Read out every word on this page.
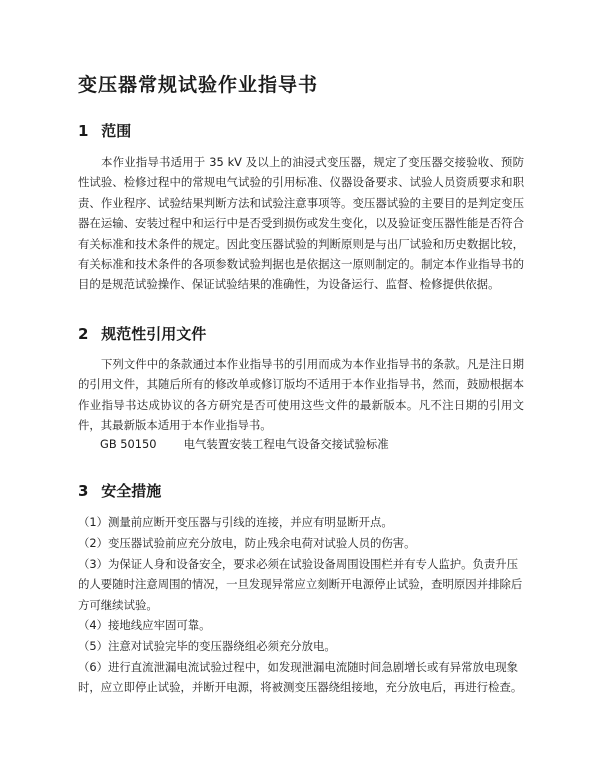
变压器常规试验作业指导书
1 范围
本作业指导书适用于 35 kV 及以上的油浸式变压器，规定了变压器交接验收、预防性试验、检修过程中的常规电气试验的引用标准、仪器设备要求、试验人员资质要求和职责、作业程序、试验结果判断方法和试验注意事项等。变压器试验的主要目的是判定变压器在运输、安装过程中和运行中是否受到损伤或发生变化，以及验证变压器性能是否符合有关标准和技术条件的规定。因此变压器试验的判断原则是与出厂试验和历史数据比较，有关标准和技术条件的各项参数试验判据也是依据这一原则制定的。制定本作业指导书的目的是规范试验操作、保证试验结果的准确性，为设备运行、监督、检修提供依据。
2 规范性引用文件
下列文件中的条款通过本作业指导书的引用而成为本作业指导书的条款。凡是注日期的引用文件，其随后所有的修改单或修订版均不适用于本作业指导书，然而，鼓励根据本作业指导书达成协议的各方研究是否可使用这些文件的最新版本。凡不注日期的引用文件，其最新版本适用于本作业指导书。
GB 50150 电气装置安装工程电气设备交接试验标准
3 安全措施
（1）测量前应断开变压器与引线的连接，并应有明显断开点。
（2）变压器试验前应充分放电，防止残余电荷对试验人员的伤害。
（3）为保证人身和设备安全，要求必须在试验设备周围设围栏并有专人监护。负责升压的人要随时注意周围的情况，一旦发现异常应立刻断开电源停止试验，查明原因并排除后方可继续试验。
（4）接地线应牢固可靠。
（5）注意对试验完毕的变压器绕组必须充分放电。
（6）进行直流泄漏电流试验过程中，如发现泄漏电流随时间急剧增长或有异常放电现象时，应立即停止试验，并断开电源，将被测变压器绕组接地，充分放电后，再进行检查。
